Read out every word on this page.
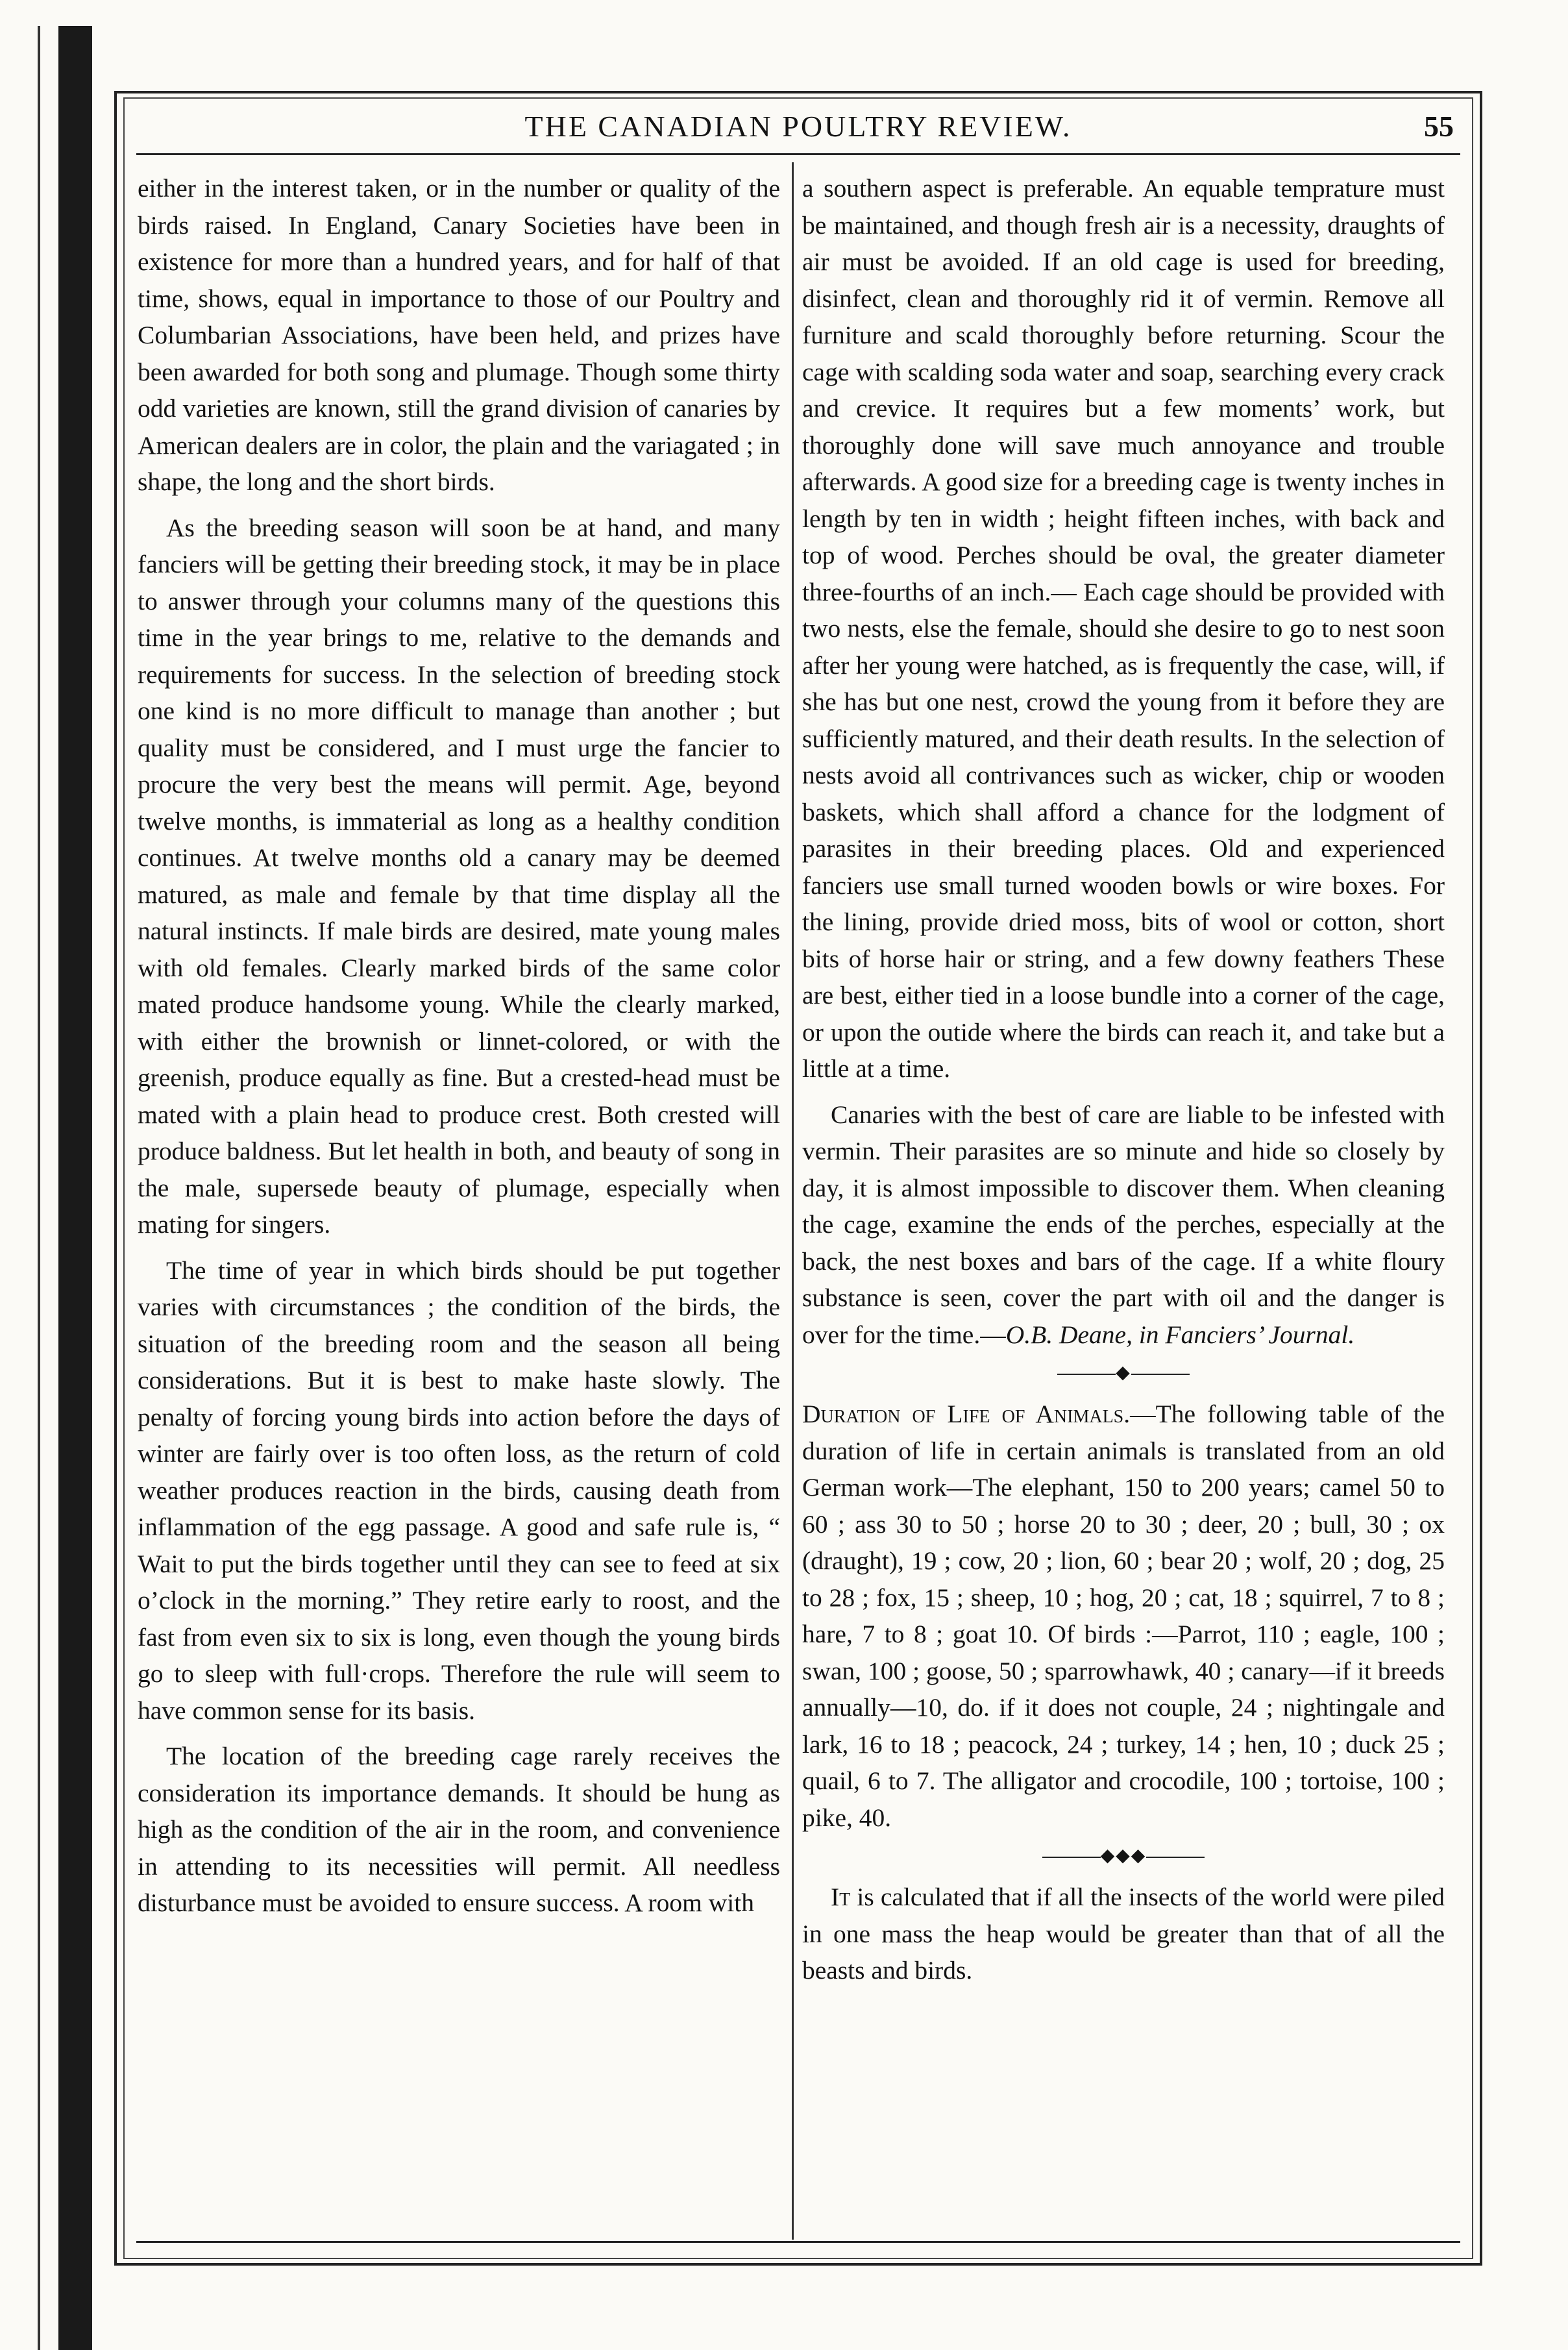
THE CANADIAN POULTRY REVIEW.	55

either in the interest taken, or in the number or quality of the birds raised. In England, Canary Societies have been in existence for more than a hundred years, and for half of that time, shows, equal in importance to those of our Poultry and Columbarian Associations, have been held, and prizes have been awarded for both song and plumage. Though some thirty odd varieties are known, still the grand division of canaries by American dealers are in color, the plain and the variagated ; in shape, the long and the short birds.

As the breeding season will soon be at hand, and many fanciers will be getting their breeding stock, it may be in place to answer through your columns many of the questions this time in the year brings to me, relative to the demands and requirements for success. In the selection of breeding stock one kind is no more difficult to manage than another ; but quality must be considered, and I must urge the fancier to procure the very best the means will permit. Age, beyond twelve months, is immaterial as long as a healthy condition continues. At twelve months old a canary may be deemed matured, as male and female by that time display all the natural instincts. If male birds are desired, mate young males with old females. Clearly marked birds of the same color mated produce handsome young. While the clearly marked, with either the brownish or linnet-colored, or with the greenish, produce equally as fine. But a crested-head must be mated with a plain head to produce crest. Both crested will produce baldness. But let health in both, and beauty of song in the male, supersede beauty of plumage, especially when mating for singers.

The time of year in which birds should be put together varies with circumstances ; the condition of the birds, the situation of the breeding room and the season all being considerations. But it is best to make haste slowly. The penalty of forcing young birds into action before the days of winter are fairly over is too often loss, as the return of cold weather produces reaction in the birds, causing death from inflammation of the egg passage. A good and safe rule is, “ Wait to put the birds together until they can see to feed at six o’clock in the morning.” They retire early to roost, and the fast from even six to six is long, even though the young birds go to sleep with full·crops. Therefore the rule will seem to have common sense for its basis.

The location of the breeding cage rarely receives the consideration its importance demands. It should be hung as high as the condition of the air in the room, and convenience in attending to its necessities will permit. All needless disturbance must be avoided to ensure success. A room with

a southern aspect is preferable. An equable temprature must be maintained, and though fresh air is a necessity, draughts of air must be avoided. If an old cage is used for breeding, disinfect, clean and thoroughly rid it of vermin. Remove all furniture and scald thoroughly before returning. Scour the cage with scalding soda water and soap, searching every crack and crevice. It requires but a few moments’ work, but thoroughly done will save much annoyance and trouble afterwards. A good size for a breeding cage is twenty inches in length by ten in width ; height fifteen inches, with back and top of wood. Perches should be oval, the greater diameter three-fourths of an inch.— Each cage should be provided with two nests, else the female, should she desire to go to nest soon after her young were hatched, as is frequently the case, will, if she has but one nest, crowd the young from it before they are sufficiently matured, and their death results. In the selection of nests avoid all contrivances such as wicker, chip or wooden baskets, which shall afford a chance for the lodgment of parasites in their breeding places. Old and experienced fanciers use small turned wooden bowls or wire boxes. For the lining, provide dried moss, bits of wool or cotton, short bits of horse hair or string, and a few downy feathers These are best, either tied in a loose bundle into a corner of the cage, or upon the outide where the birds can reach it, and take but a little at a time.

Canaries with the best of care are liable to be infested with vermin. Their parasites are so minute and hide so closely by day, it is almost impossible to discover them. When cleaning the cage, examine the ends of the perches, especially at the back, the nest boxes and bars of the cage. If a white floury substance is seen, cover the part with oil and the danger is over for the time.—O.B. Deane, in Fanciers’ Journal.

◆

Duration of Life of Animals.—The following table of the duration of life in certain animals is translated from an old German work—The elephant, 150 to 200 years; camel 50 to 60 ; ass 30 to 50 ; horse 20 to 30 ; deer, 20 ; bull, 30 ; ox (draught), 19 ; cow, 20 ; lion, 60 ; bear 20 ; wolf, 20 ; dog, 25 to 28 ; fox, 15 ; sheep, 10 ; hog, 20 ; cat, 18 ; squirrel, 7 to 8 ; hare, 7 to 8 ; goat 10. Of birds :—Parrot, 110 ; eagle, 100 ; swan, 100 ; goose, 50 ; sparrowhawk, 40 ; canary—if it breeds annually—10, do. if it does not couple, 24 ; nightingale and lark, 16 to 18 ; peacock, 24 ; turkey, 14 ; hen, 10 ; duck 25 ; quail, 6 to 7. The alligator and crocodile, 100 ; tortoise, 100 ; pike, 40.

◆◆◆

It is calculated that if all the insects of the world were piled in one mass the heap would be greater than that of all the beasts and birds.
